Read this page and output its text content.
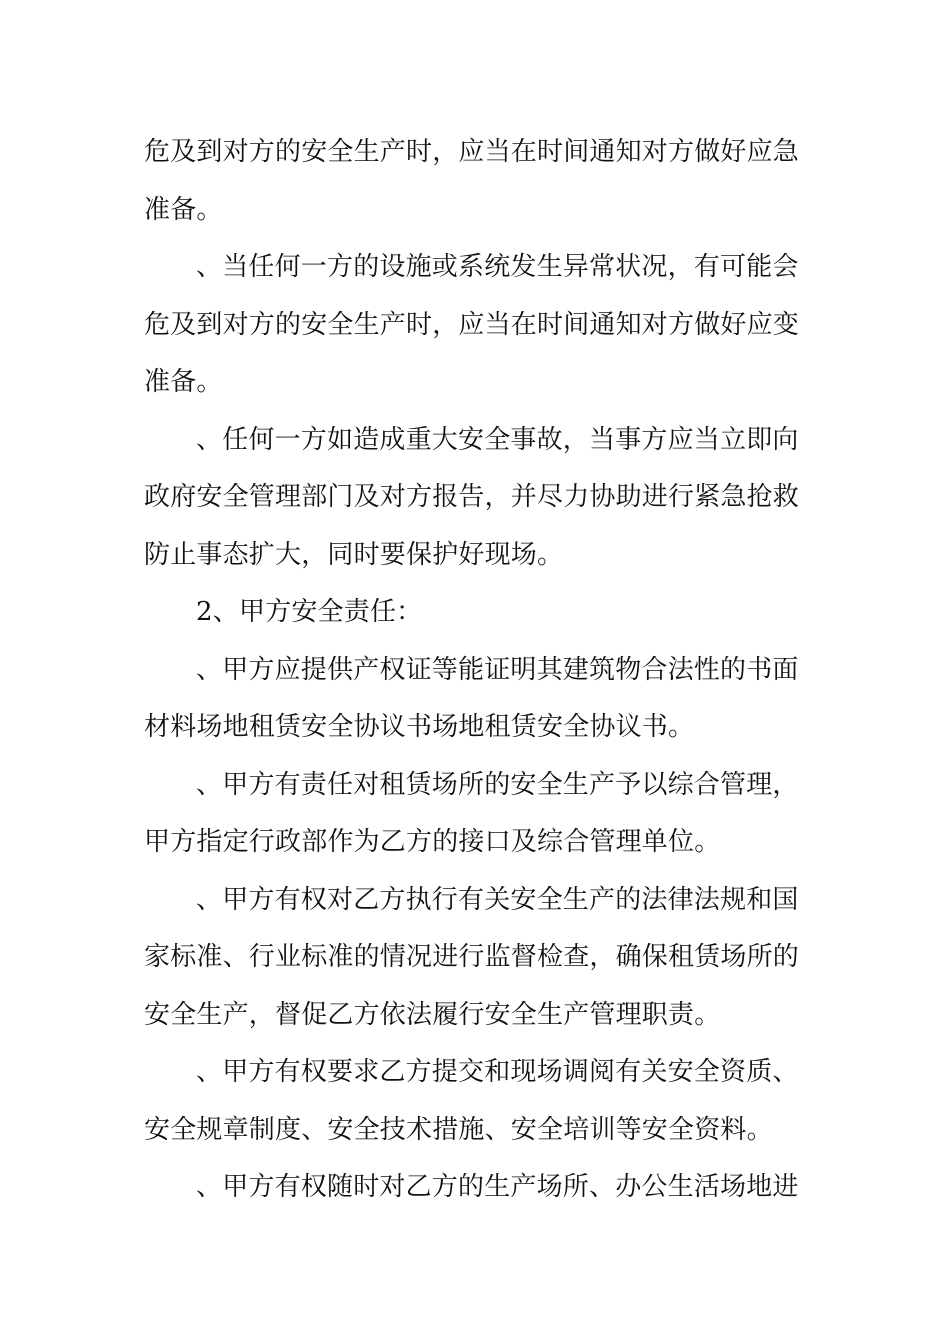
危及到对方的安全生产时，应当在时间通知对方做好应急
准备。
、当任何一方的设施或系统发生异常状况，有可能会
危及到对方的安全生产时，应当在时间通知对方做好应变
准备。
、任何一方如造成重大安全事故，当事方应当立即向
政府安全管理部门及对方报告，并尽力协助进行紧急抢救
防止事态扩大，同时要保护好现场。
2、甲方安全责任：
、甲方应提供产权证等能证明其建筑物合法性的书面
材料场地租赁安全协议书场地租赁安全协议书。
、甲方有责任对租赁场所的安全生产予以综合管理，
甲方指定行政部作为乙方的接口及综合管理单位。
、甲方有权对乙方执行有关安全生产的法律法规和国
家标准、行业标准的情况进行监督检查，确保租赁场所的
安全生产，督促乙方依法履行安全生产管理职责。
、甲方有权要求乙方提交和现场调阅有关安全资质、
安全规章制度、安全技术措施、安全培训等安全资料。
、甲方有权随时对乙方的生产场所、办公生活场地进
